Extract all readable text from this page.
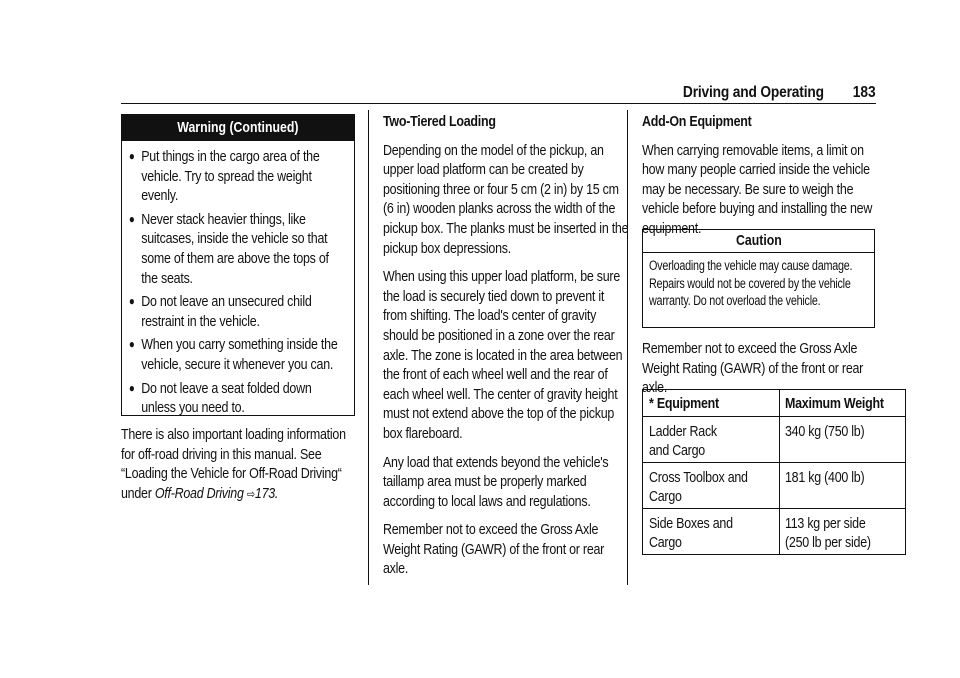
Driving and Operating 183
Warning (Continued)
● Put things in the cargo area of the vehicle. Try to spread the weight evenly.
● Never stack heavier things, like suitcases, inside the vehicle so that some of them are above the tops of the seats.
● Do not leave an unsecured child restraint in the vehicle.
● When you carry something inside the vehicle, secure it whenever you can.
● Do not leave a seat folded down unless you need to.
There is also important loading information for off-road driving in this manual. See “Loading the Vehicle for Off-Road Driving“ under Off-Road Driving ⇨173.
Two-Tiered Loading
Depending on the model of the pickup, an upper load platform can be created by positioning three or four 5 cm (2 in) by 15 cm (6 in) wooden planks across the width of the pickup box. The planks must be inserted in the pickup box depressions.
When using this upper load platform, be sure the load is securely tied down to prevent it from shifting. The load's center of gravity should be positioned in a zone over the rear axle. The zone is located in the area between the front of each wheel well and the rear of each wheel well. The center of gravity height must not extend above the top of the pickup box flareboard.
Any load that extends beyond the vehicle's taillamp area must be properly marked according to local laws and regulations.
Remember not to exceed the Gross Axle Weight Rating (GAWR) of the front or rear axle.
Add-On Equipment
When carrying removable items, a limit on how many people carried inside the vehicle may be necessary. Be sure to weigh the vehicle before buying and installing the new equipment.
Caution
Overloading the vehicle may cause damage. Repairs would not be covered by the vehicle warranty. Do not overload the vehicle.
Remember not to exceed the Gross Axle Weight Rating (GAWR) of the front or rear axle.
* Equipment	Maximum Weight

Ladder Rack and Cargo	340 kg (750 lb)

Cross Toolbox and Cargo	181 kg (400 lb)

Side Boxes and Cargo	113 kg per side (250 lb per side)
